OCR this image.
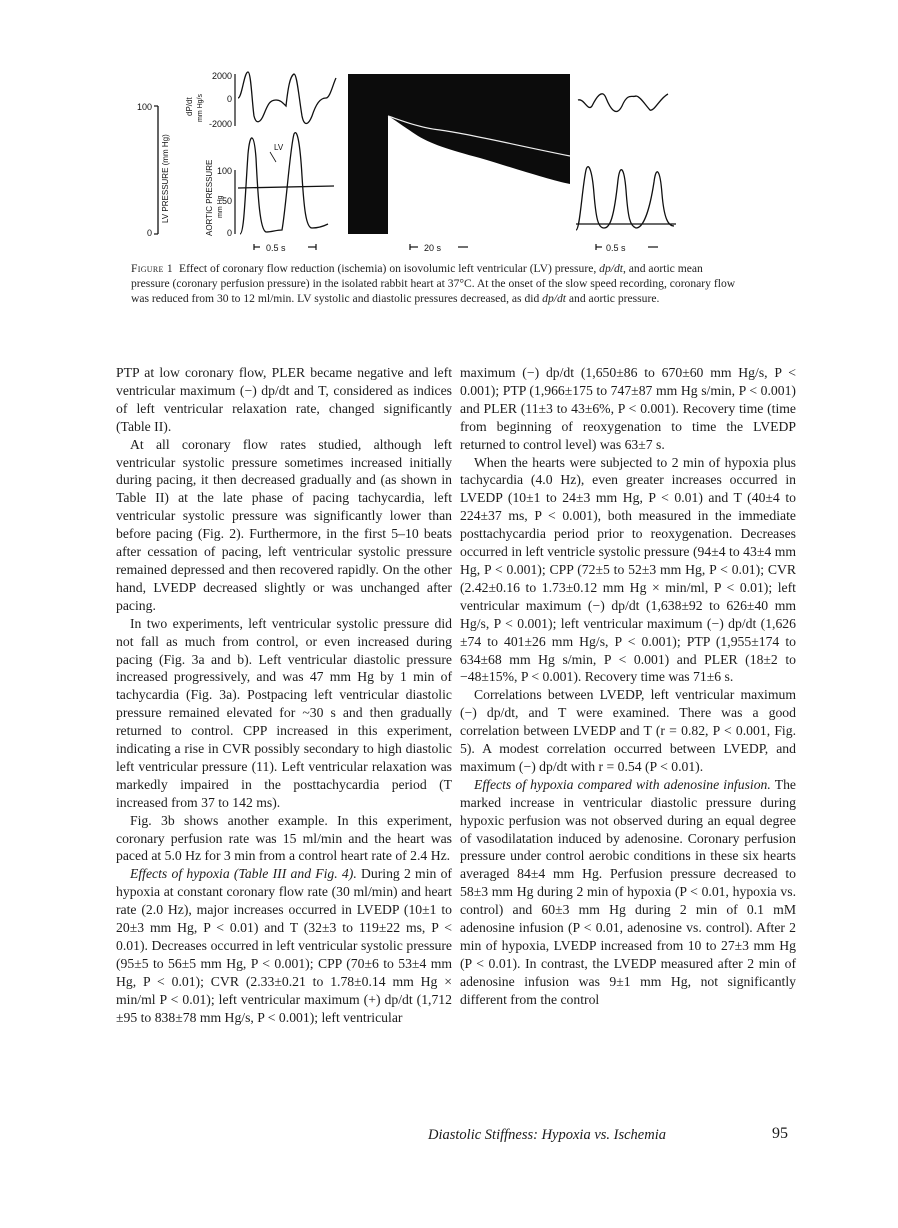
100
0
LV PRESSURE (mm Hg)
dP/dt mm Hg/s
2000
0
-2000
AORTIC PRESSURE mm Hg
100
50
0
LV
0.5 s	20 s	0.5 s
Figure 1 Effect of coronary flow reduction (ischemia) on isovolumic left ventricular (LV) pressure, dp/dt, and aortic mean pressure (coronary perfusion pressure) in the isolated rabbit heart at 37°C. At the onset of the slow speed recording, coronary flow was reduced from 30 to 12 ml/min. LV systolic and diastolic pressures decreased, as did dp/dt and aortic pressure.

PTP at low coronary flow, PLER became negative and left ventricular maximum (−) dp/dt and T, considered as indices of left ventricular relaxation rate, changed significantly (Table II).

At all coronary flow rates studied, although left ventricular systolic pressure sometimes increased initially during pacing, it then decreased gradually and (as shown in Table II) at the late phase of pacing tachycardia, left ventricular systolic pressure was significantly lower than before pacing (Fig. 2). Furthermore, in the first 5–10 beats after cessation of pacing, left ventricular systolic pressure remained depressed and then recovered rapidly. On the other hand, LVEDP decreased slightly or was unchanged after pacing.

In two experiments, left ventricular systolic pressure did not fall as much from control, or even increased during pacing (Fig. 3a and b). Left ventricular diastolic pressure increased progressively, and was 47 mm Hg by 1 min of tachycardia (Fig. 3a). Postpacing left ventricular diastolic pressure remained elevated for ~30 s and then gradually returned to control. CPP increased in this experiment, indicating a rise in CVR possibly secondary to high diastolic left ventricular pressure (11). Left ventricular relaxation was markedly impaired in the posttachycardia period (T increased from 37 to 142 ms).

Fig. 3b shows another example. In this experiment, coronary perfusion rate was 15 ml/min and the heart was paced at 5.0 Hz for 3 min from a control heart rate of 2.4 Hz.

Effects of hypoxia (Table III and Fig. 4). During 2 min of hypoxia at constant coronary flow rate (30 ml/min) and heart rate (2.0 Hz), major increases occurred in LVEDP (10±1 to 20±3 mm Hg, P < 0.01) and T (32±3 to 119±22 ms, P < 0.01). Decreases occurred in left ventricular systolic pressure (95±5 to 56±5 mm Hg, P < 0.001); CPP (70±6 to 53±4 mm Hg, P < 0.01); CVR (2.33±0.21 to 1.78±0.14 mm Hg × min/ml P < 0.01); left ventricular maximum (+) dp/dt (1,712 ±95 to 838±78 mm Hg/s, P < 0.001); left ventricular

maximum (−) dp/dt (1,650±86 to 670±60 mm Hg/s, P < 0.001); PTP (1,966±175 to 747±87 mm Hg s/min, P < 0.001) and PLER (11±3 to 43±6%, P < 0.001). Recovery time (time from beginning of reoxygenation to time the LVEDP returned to control level) was 63±7 s.

When the hearts were subjected to 2 min of hypoxia plus tachycardia (4.0 Hz), even greater increases occurred in LVEDP (10±1 to 24±3 mm Hg, P < 0.01) and T (40±4 to 224±37 ms, P < 0.001), both measured in the immediate posttachycardia period prior to reoxygenation. Decreases occurred in left ventricle systolic pressure (94±4 to 43±4 mm Hg, P < 0.001); CPP (72±5 to 52±3 mm Hg, P < 0.01); CVR (2.42±0.16 to 1.73±0.12 mm Hg × min/ml, P < 0.01); left ventricular maximum (−) dp/dt (1,638±92 to 626±40 mm Hg/s, P < 0.001); left ventricular maximum (−) dp/dt (1,626 ±74 to 401±26 mm Hg/s, P < 0.001); PTP (1,955±174 to 634±68 mm Hg s/min, P < 0.001) and PLER (18±2 to −48±15%, P < 0.001). Recovery time was 71±6 s.

Correlations between LVEDP, left ventricular maximum (−) dp/dt, and T were examined. There was a good correlation between LVEDP and T (r = 0.82, P < 0.001, Fig. 5). A modest correlation occurred between LVEDP, and maximum (−) dp/dt with r = 0.54 (P < 0.01).

Effects of hypoxia compared with adenosine infusion. The marked increase in ventricular diastolic pressure during hypoxic perfusion was not observed during an equal degree of vasodilatation induced by adenosine. Coronary perfusion pressure under control aerobic conditions in these six hearts averaged 84±4 mm Hg. Perfusion pressure decreased to 58±3 mm Hg during 2 min of hypoxia (P < 0.01, hypoxia vs. control) and 60±3 mm Hg during 2 min of 0.1 mM adenosine infusion (P < 0.01, adenosine vs. control). After 2 min of hypoxia, LVEDP increased from 10 to 27±3 mm Hg (P < 0.01). In contrast, the LVEDP measured after 2 min of adenosine infusion was 9±1 mm Hg, not significantly different from the control

Diastolic Stiffness: Hypoxia vs. Ischemia	95
